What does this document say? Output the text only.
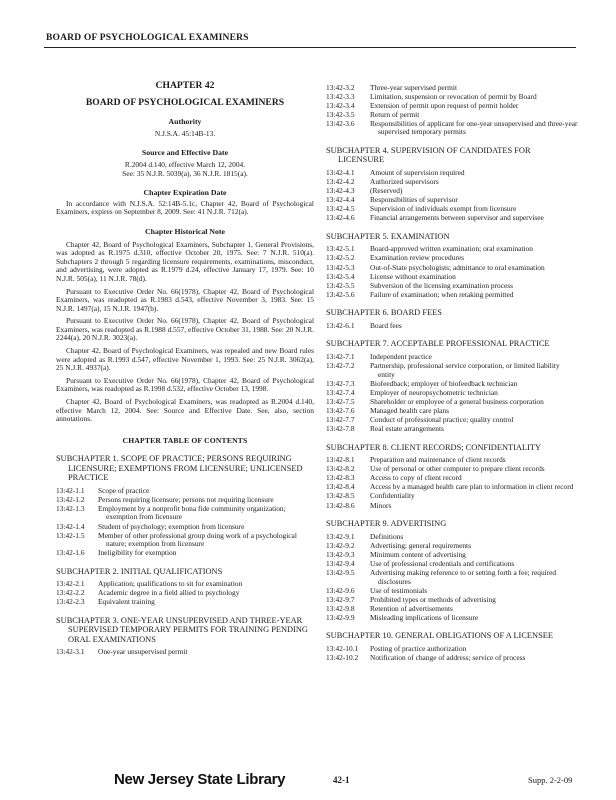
BOARD OF PSYCHOLOGICAL EXAMINERS
CHAPTER 42
BOARD OF PSYCHOLOGICAL EXAMINERS
Authority
N.J.S.A. 45:14B-13.
Source and Effective Date
R.2004 d.140, effective March 12, 2004.
See: 35 N.J.R. 5039(a), 36 N.J.R. 1815(a).
Chapter Expiration Date
In accordance with N.J.S.A. 52:14B-5.1c, Chapter 42, Board of Psychological Examiners, expires on September 8, 2009. See: 41 N.J.R. 712(a).
Chapter Historical Note
Chapter 42, Board of Psychological Examiners, Subchapter 1, General Provisions, was adopted as R.1975 d.310, effective October 20, 1975. See: 7 N.J.R. 510(a). Subchapters 2 through 5 regarding licensure requirements, examinations, misconduct, and advertising, were adopted as R.1979 d.24, effective January 17, 1979. See: 10 N.J.R. 505(a), 11 N.J.R. 78(d).
Pursuant to Executive Order No. 66(1978), Chapter 42, Board of Psychological Examiners, was readopted as R.1983 d.543, effective November 3, 1983. See: 15 N.J.R. 1497(a), 15 N.J.R. 1947(b).
Pursuant to Executive Order No. 66(1978), Chapter 42, Board of Psychological Examiners, was readopted as R.1988 d.557, effective October 31, 1988. See: 20 N.J.R. 2244(a), 20 N.J.R. 3023(a).
Chapter 42, Board of Psychological Examiners, was repealed and new Board rules were adopted as R.1993 d.547, effective November 1, 1993. See: 25 N.J.R. 3062(a), 25 N.J.R. 4937(a).
Pursuant to Executive Order No. 66(1978), Chapter 42, Board of Psychological Examiners, was readopted as R.1998 d.532, effective October 13, 1998.
Chapter 42, Board of Psychological Examiners, was readopted as R.2004 d.140, effective March 12, 2004. See: Source and Effective Date. See, also, section annotations.
CHAPTER TABLE OF CONTENTS
SUBCHAPTER 1. SCOPE OF PRACTICE; PERSONS REQUIRING LICENSURE; EXEMPTIONS FROM LICENSURE; UNLICENSED PRACTICE
13:42-1.1	Scope of practice
13:42-1.2	Persons requiring licensure; persons not requiring licensure
13:42-1.3	Employment by a nonprofit bona fide community organization; exemption from licensure
13:42-1.4	Student of psychology; exemption from licensure
13:42-1.5	Member of other professional group doing work of a psychological nature; exemption from licensure
13:42-1.6	Ineligibility for exemption
SUBCHAPTER 2. INITIAL QUALIFICATIONS
13:42-2.1	Application; qualifications to sit for examination
13:42-2.2	Academic degree in a field allied to psychology
13:42-2.3	Equivalent training
SUBCHAPTER 3. ONE-YEAR UNSUPERVISED AND THREE-YEAR SUPERVISED TEMPORARY PERMITS FOR TRAINING PENDING ORAL EXAMINATIONS
13:42-3.1	One-year unsupervised permit
13:42-3.2	Three-year supervised permit
13:42-3.3	Limitation, suspension or revocation of permit by Board
13:42-3.4	Extension of permit upon request of permit holder
13:42-3.5	Return of permit
13:42-3.6	Responsibilities of applicant for one-year unsupervised and three-year supervised temporary permits
SUBCHAPTER 4. SUPERVISION OF CANDIDATES FOR LICENSURE
13:42-4.1	Amount of supervision required
13:42-4.2	Authorized supervisors
13:42-4.3	(Reserved)
13:42-4.4	Responsibilities of supervisor
13:42-4.5	Supervision of individuals exempt from licensure
13:42-4.6	Financial arrangements between supervisor and supervisee
SUBCHAPTER 5. EXAMINATION
13:42-5.1	Board-approved written examination; oral examination
13:42-5.2	Examination review procedures
13:42-5.3	Out-of-State psychologists; admittance to oral examination
13:42-5.4	License without examination
13:42-5.5	Subversion of the licensing examination process
13:42-5.6	Failure of examination; when retaking permitted
SUBCHAPTER 6. BOARD FEES
13:42-6.1	Board fees
SUBCHAPTER 7. ACCEPTABLE PROFESSIONAL PRACTICE
13:42-7.1	Independent practice
13:42-7.2	Partnership, professional service corporation, or limited liability entity
13:42-7.3	Biofeedback; employer of biofeedback technician
13:42-7.4	Employer of neuropsychometric technician
13:42-7.5	Shareholder or employee of a general business corporation
13:42-7.6	Managed health care plans
13:42-7.7	Conduct of professional practice; quality control
13:42-7.8	Real estate arrangements
SUBCHAPTER 8. CLIENT RECORDS; CONFIDENTIALITY
13:42-8.1	Preparation and maintenance of client records
13:42-8.2	Use of personal or other computer to prepare client records
13:42-8.3	Access to copy of client record
13:42-8.4	Access by a managed health care plan to information in client record
13:42-8.5	Confidentiality
13:42-8.6	Minors
SUBCHAPTER 9. ADVERTISING
13:42-9.1	Definitions
13:42-9.2	Advertising; general requirements
13:42-9.3	Minimum content of advertising
13:42-9.4	Use of professional credentials and certifications
13:42-9.5	Advertising making reference to or setting forth a fee; required disclosures
13:42-9.6	Use of testimonials
13:42-9.7	Prohibited types or methods of advertising
13:42-9.8	Retention of advertisements
13:42-9.9	Misleading implications of licensure
SUBCHAPTER 10. GENERAL OBLIGATIONS OF A LICENSEE
13:42-10.1	Posting of practice authorization
13:42-10.2	Notification of change of address; service of process
New Jersey State Library	42-1	Supp. 2-2-09
